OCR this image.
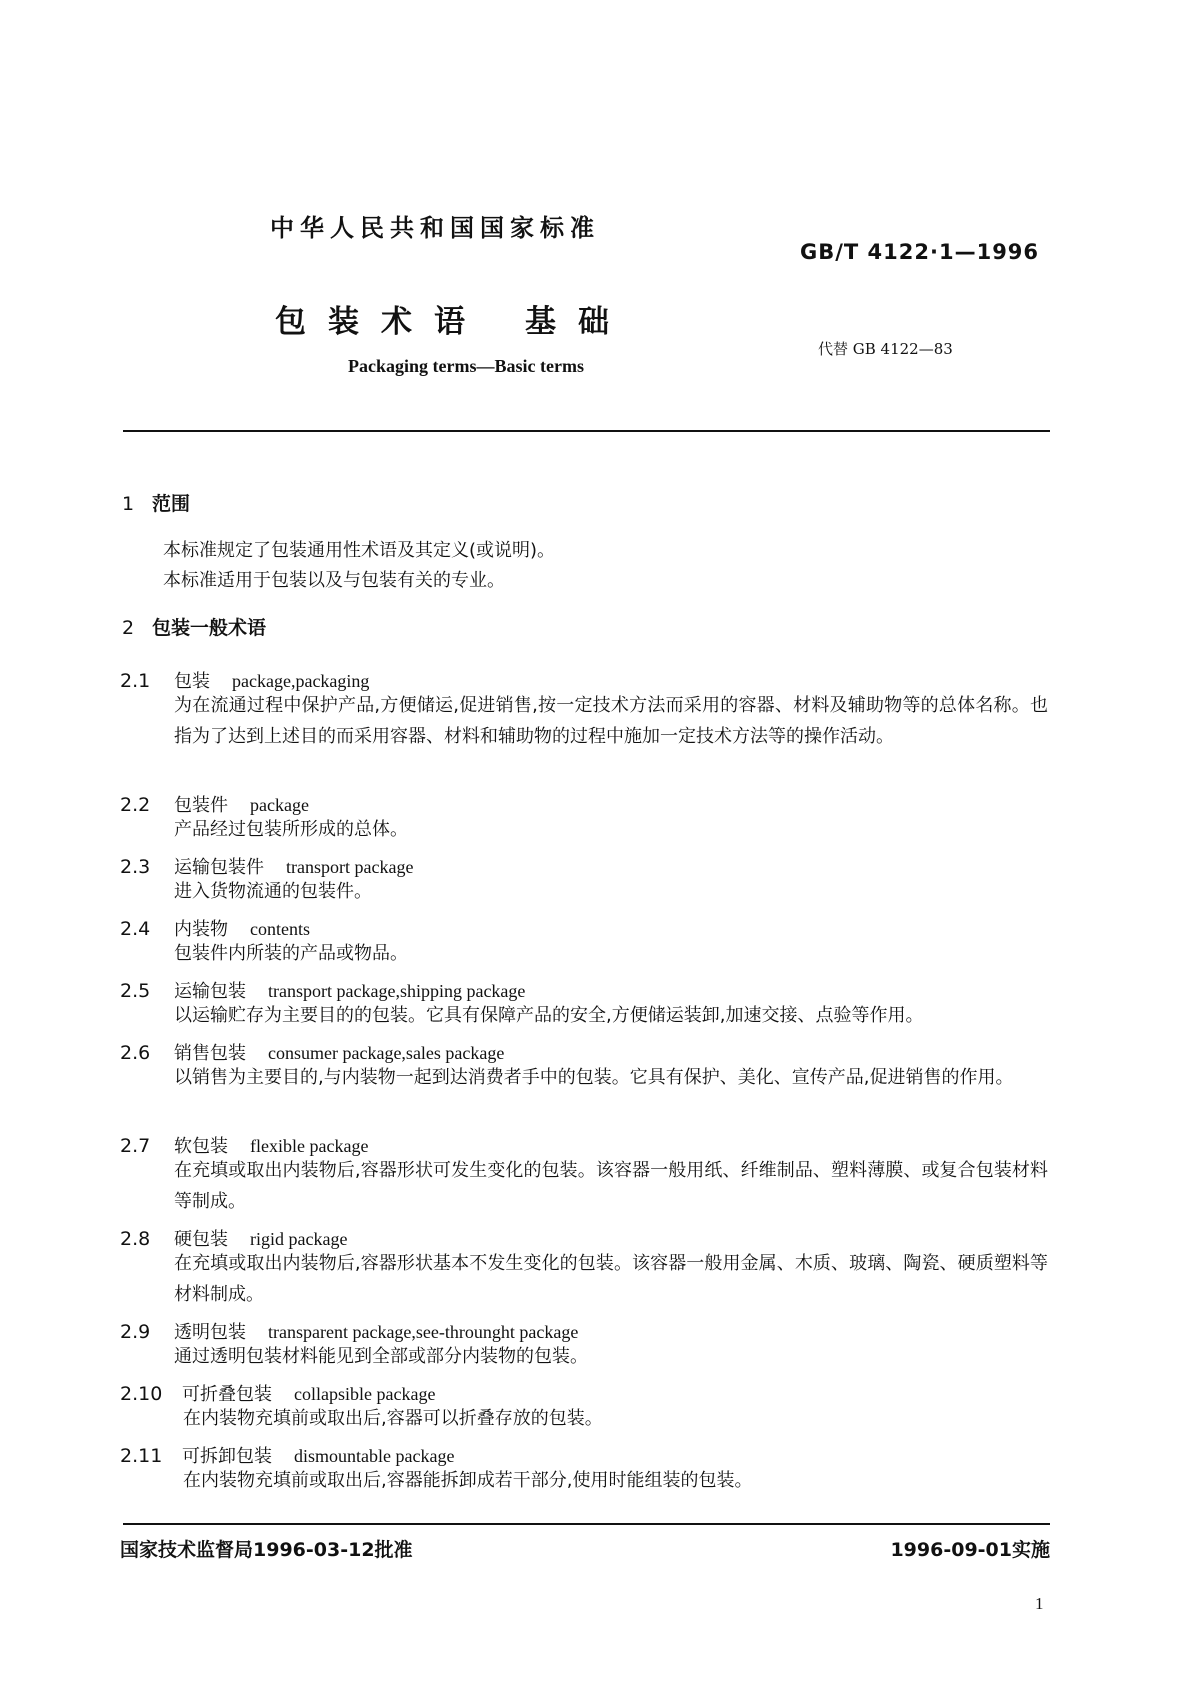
中华人民共和国国家标准
GB/T 4122·1—1996
代替 GB 4122—83
包 装 术 语 基 础
Packaging terms—Basic terms
1 范围
本标准规定了包装通用性术语及其定义(或说明)。
本标准适用于包装以及与包装有关的专业。
2 包装一般术语
2.1 包装 package,packaging
为在流通过程中保护产品,方便储运,促进销售,按一定技术方法而采用的容器、材料及辅助物等的总体名称。也指为了达到上述目的而采用容器、材料和辅助物的过程中施加一定技术方法等的操作活动。
2.2 包装件 package
产品经过包装所形成的总体。
2.3 运输包装件 transport package
进入货物流通的包装件。
2.4 内装物 contents
包装件内所装的产品或物品。
2.5 运输包装 transport package,shipping package
以运输贮存为主要目的的包装。它具有保障产品的安全,方便储运装卸,加速交接、点验等作用。
2.6 销售包装 consumer package,sales package
以销售为主要目的,与内装物一起到达消费者手中的包装。它具有保护、美化、宣传产品,促进销售的作用。
2.7 软包装 flexible package
在充填或取出内装物后,容器形状可发生变化的包装。该容器一般用纸、纤维制品、塑料薄膜、或复合包装材料等制成。
2.8 硬包装 rigid package
在充填或取出内装物后,容器形状基本不发生变化的包装。该容器一般用金属、木质、玻璃、陶瓷、硬质塑料等材料制成。
2.9 透明包装 transparent package,see-throunght package
通过透明包装材料能见到全部或部分内装物的包装。
2.10 可折叠包装 collapsible package
在内装物充填前或取出后,容器可以折叠存放的包装。
2.11 可拆卸包装 dismountable package
在内装物充填前或取出后,容器能拆卸成若干部分,使用时能组装的包装。
国家技术监督局1996-03-12批准	1996-09-01实施
1
